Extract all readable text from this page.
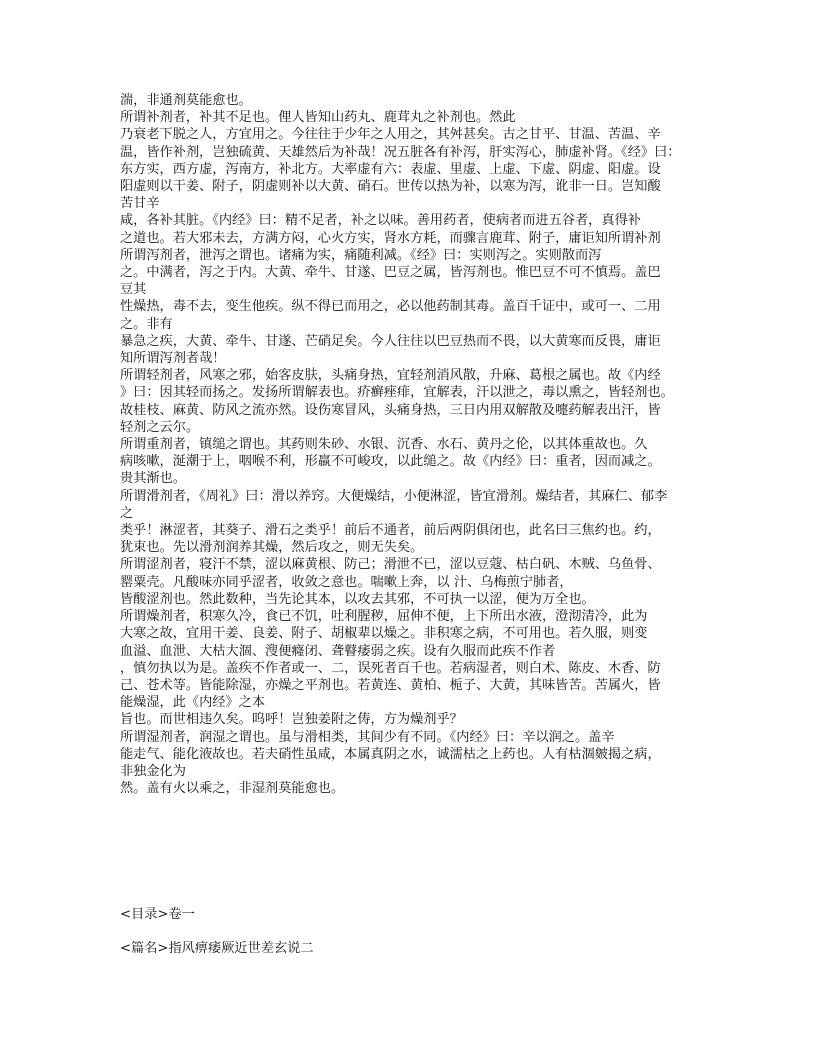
湍，非通剂莫能愈也。
所谓补剂者，补其不足也。俚人皆知山药丸、鹿茸丸之补剂也。然此
乃衰老下脱之人，方宜用之。今往往于少年之人用之，其舛甚矣。古之甘平、甘温、苦温、辛
温，皆作补剂，岂独硫黄、天雄然后为补哉！况五脏各有补泻，肝实泻心，肺虚补肾。《经》曰：
东方实，西方虚，泻南方，补北方。大率虚有六：表虚、里虚、上虚、下虚、阴虚、阳虚。设
阳虚则以干姜、附子，阴虚则补以大黄、硝石。世传以热为补，以寒为泻，讹非一日。岂知酸
苦甘辛
咸，各补其脏。《内经》曰：精不足者，补之以味。善用药者，使病者而进五谷者，真得补
之道也。若大邪未去，方满方闷，心火方实，肾水方耗，而骤言鹿茸、附子，庸讵知所谓补剂
所谓泻剂者，泄泻之谓也。诸痛为实，痛随利减。《经》曰：实则泻之。实则散而泻
之。中满者，泻之于内。大黄、牵牛、甘遂、巴豆之属，皆泻剂也。惟巴豆不可不慎焉。盖巴
豆其
性燥热，毒不去，变生他疾。纵不得已而用之，必以他药制其毒。盖百千证中，或可一、二用
之。非有
暴急之疾，大黄、牵牛、甘遂、芒硝足矣。今人往往以巴豆热而不畏，以大黄寒而反畏，庸讵
知所谓泻剂者哉！
所谓轻剂者，风寒之邪，始客皮肤，头痛身热，宜轻剂消风散，升麻、葛根之属也。故《内经
》曰：因其轻而扬之。发扬所谓解表也。疥癣痤痱，宜解表，汗以泄之，毒以熏之，皆轻剂也。
故桂枝、麻黄、防风之流亦然。设伤寒冒风，头痛身热，三日内用双解散及嚏药解表出汗，皆
轻剂之云尔。
所谓重剂者，镇缒之谓也。其药则朱砂、水银、沉香、水石、黄丹之伦，以其体重故也。久
病咳嗽，涎潮于上，咽喉不利，形羸不可峻攻，以此缒之。故《内经》曰：重者，因而减之。
贵其渐也。
所谓滑剂者，《周礼》曰：滑以养窍。大便燥结，小便淋涩，皆宜滑剂。燥结者，其麻仁、郁李
之
类乎！淋涩者，其葵子、滑石之类乎！前后不通者，前后两阴俱闭也，此名曰三焦约也。约，
犹束也。先以滑剂润养其燥，然后攻之，则无失矣。
所谓涩剂者，寝汗不禁，涩以麻黄根、防己；滑泄不已，涩以豆蔻、枯白矾、木贼、乌鱼骨、
罂粟壳。凡酸味亦同乎涩者，收敛之意也。喘嗽上奔，以 汁、乌梅煎宁肺者，
皆酸涩剂也。然此数种，当先论其本，以攻去其邪，不可执一以涩，便为万全也。
所谓燥剂者，积寒久冷，食已不饥，吐利腥秽，屈伸不便，上下所出水液，澄沏清冷，此为
大寒之故，宜用干姜、良姜、附子、胡椒辈以燥之。非积寒之病，不可用也。若久服，则变
血溢、血泄、大枯大涸、溲便癃闭、聋瞽痿弱之疾。设有久服而此疾不作者
，慎勿执以为是。盖疾不作者或一、二，误死者百千也。若病湿者，则白术、陈皮、木香、防
己、苍术等。皆能除湿，亦燥之平剂也。若黄连、黄柏、栀子、大黄，其味皆苦。苦属火，皆
能燥湿，此《内经》之本
旨也。而世相违久矣。呜呼！岂独姜附之俦，方为燥剂乎？
所谓湿剂者，润湿之谓也。虽与滑相类，其间少有不同。《内经》曰：辛以润之。盖辛
能走气、能化液故也。若夫硝性虽咸，本属真阴之水，诚濡枯之上药也。人有枯涸皴揭之病，
非独金化为
然。盖有火以乘之，非湿剂莫能愈也。
<目录>卷一
<篇名>指风痹痿厥近世差玄说二
